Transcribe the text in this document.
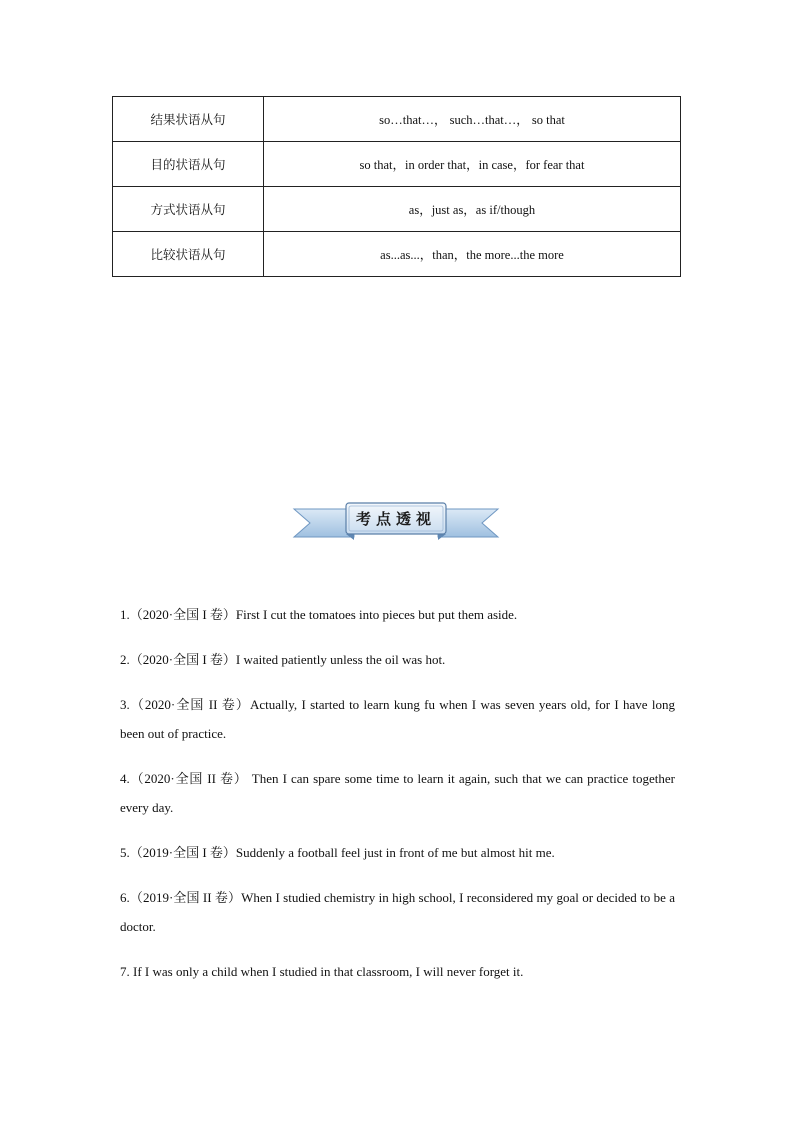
结果状语从句	so…that…， such…that…， so that
目的状语从句	so that，in order that，in case，for fear that
方式状语从句	as，just as，as if/though
比较状语从句	as...as...，than，the more...the more
考点透视

1.（2020·全国 I 卷）First I cut the tomatoes into pieces but put them aside.

2.（2020·全国 I 卷）I waited patiently unless the oil was hot.

3.（2020·全国 II 卷）Actually, I started to learn kung fu when I was seven years old, for I have long been out of practice.

4.（2020·全国 II 卷） Then I can spare some time to learn it again, such that we can practice together every day.

5.（2019·全国 I 卷）Suddenly a football feel just in front of me but almost hit me.

6.（2019·全国 II 卷）When I studied chemistry in high school, I reconsidered my goal or decided to be a doctor.

7. If I was only a child when I studied in that classroom, I will never forget it.
